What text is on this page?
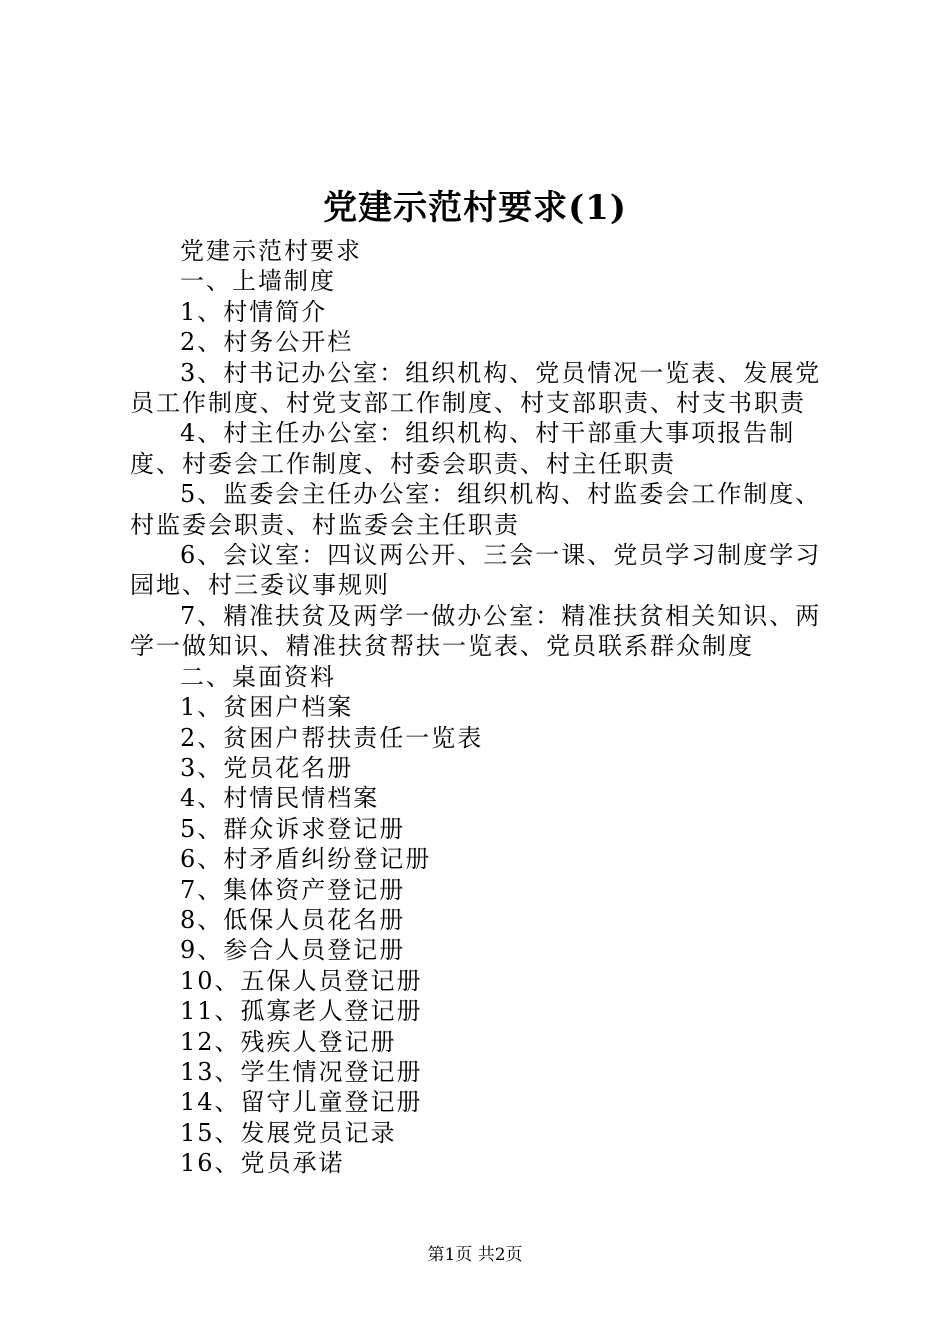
党建示范村要求(1)

党建示范村要求

一、上墙制度

1、村情简介

2、村务公开栏

3、村书记办公室：组织机构、党员情况一览表、发展党员工作制度、村党支部工作制度、村支部职责、村支书职责

4、村主任办公室：组织机构、村干部重大事项报告制度、村委会工作制度、村委会职责、村主任职责

5、监委会主任办公室：组织机构、村监委会工作制度、村监委会职责、村监委会主任职责

6、会议室：四议两公开、三会一课、党员学习制度学习园地、村三委议事规则

7、精准扶贫及两学一做办公室：精准扶贫相关知识、两学一做知识、精准扶贫帮扶一览表、党员联系群众制度

二、桌面资料

1、贫困户档案

2、贫困户帮扶责任一览表

3、党员花名册

4、村情民情档案

5、群众诉求登记册

6、村矛盾纠纷登记册

7、集体资产登记册

8、低保人员花名册

9、参合人员登记册

10、五保人员登记册

11、孤寡老人登记册

12、残疾人登记册

13、学生情况登记册

14、留守儿童登记册

15、发展党员记录

16、党员承诺

第1页 共2页
